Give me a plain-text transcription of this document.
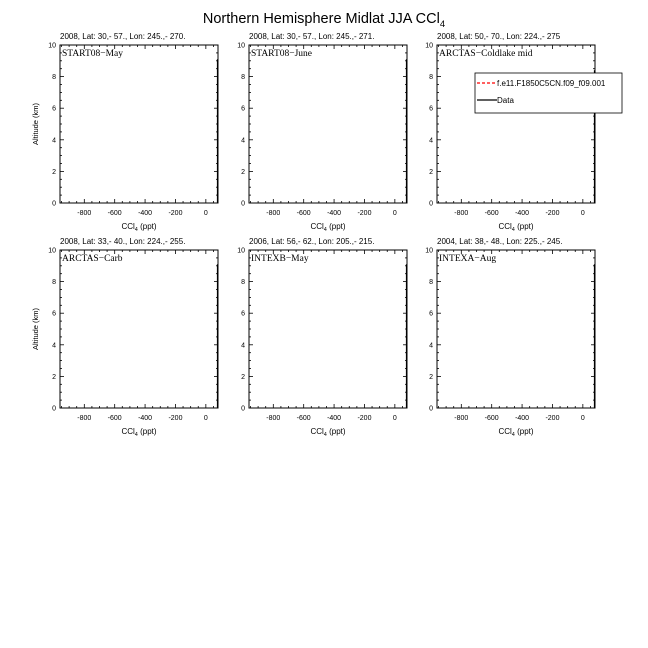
Northern Hemisphere Midlat JJA CCl$_4$
2008, Lat: 30,- 57., Lon: 245.,- 270.
0
2
4
6
8
10
-800 -600 -400 -200	0
CCl$_4$ (ppt)
Altitude (km)
START08−May
2008, Lat: 30,- 57., Lon: 245.,- 271.
0
2
4
6
8
10
-800 -600 -400 -200	0
CCl$_4$ (ppt)
START08−June
2008, Lat: 50,- 70., Lon: 224.,- 275
0
2
4
6
8
10
-800 -600 -400 -200	0
CCl$_4$ (ppt)
ARCTAS−Coldlake mid
f.e11.F1850C5CN.f09_f09.001
Data
2008, Lat: 33,- 40., Lon: 224.,- 255.
0
2
4
6
8
10
-800 -600 -400 -200	0
CCl$_4$ (ppt)
Altitude (km)
ARCTAS−Carb
2006, Lat: 56,- 62., Lon: 205.,- 215.
0
2
4
6
8
10
-800 -600 -400 -200	0
CCl$_4$ (ppt)
INTEXB−May
2004, Lat: 38,- 48., Lon: 225.,- 245.
0
2
4
6
8
10
-800 -600 -400 -200	0
CCl$_4$ (ppt)
INTEXA−Aug
